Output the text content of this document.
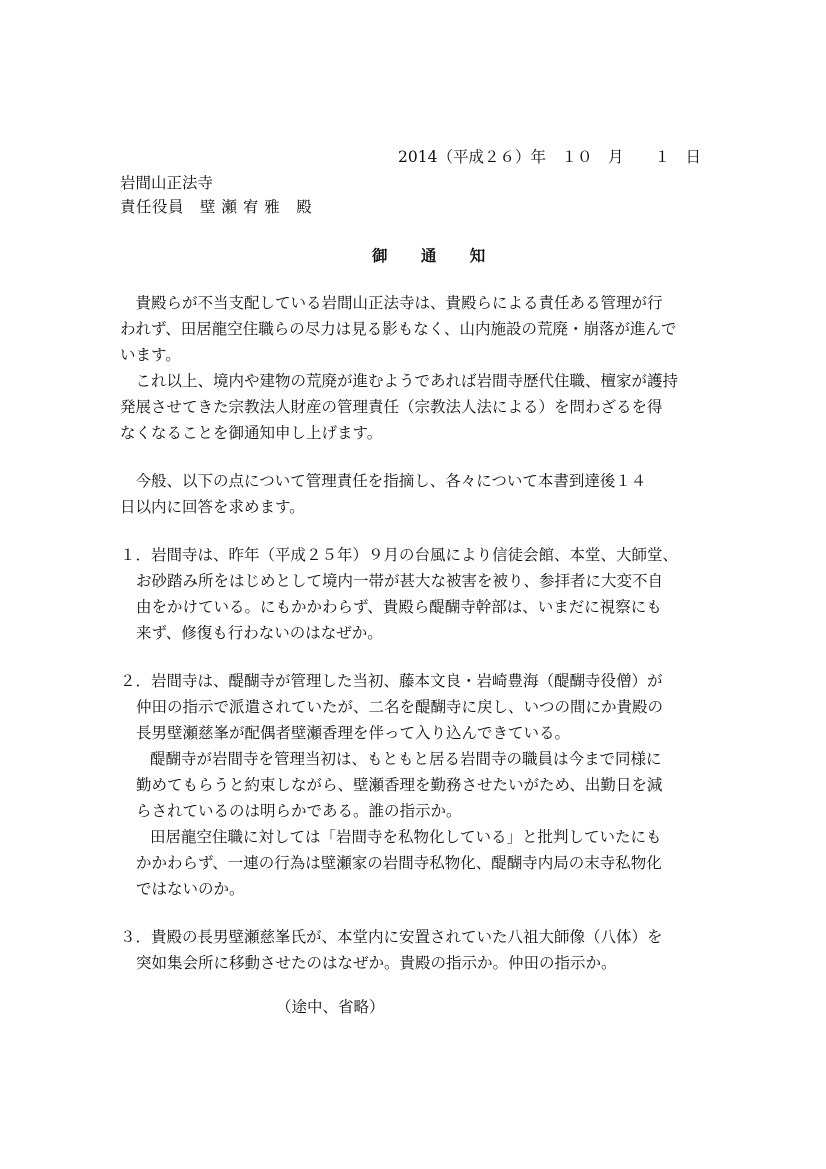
2014（平成２６）年　１０　月　　１　日
岩間山正法寺
責任役員　壁 瀬 宥 雅　殿
御 通 知
　貴殿らが不当支配している岩間山正法寺は、貴殿らによる責任ある管理が行
われず、田居龍空住職らの尽力は見る影もなく、山内施設の荒廃・崩落が進んで
います。
　これ以上、境内や建物の荒廃が進むようであれば岩間寺歴代住職、檀家が護持
発展させてきた宗教法人財産の管理責任（宗教法人法による）を問わざるを得
なくなることを御通知申し上げます。
　今般、以下の点について管理責任を指摘し、各々について本書到達後１４
日以内に回答を求めます。
１．岩間寺は、昨年（平成２５年）９月の台風により信徒会館、本堂、大師堂、
お砂踏み所をはじめとして境内一帯が甚大な被害を被り、参拝者に大変不自
由をかけている。にもかかわらず、貴殿ら醍醐寺幹部は、いまだに視察にも
来ず、修復も行わないのはなぜか。
２．岩間寺は、醍醐寺が管理した当初、藤本文良・岩崎豊海（醍醐寺役僧）が
仲田の指示で派遣されていたが、二名を醍醐寺に戻し、いつの間にか貴殿の
長男壁瀬慈峯が配偶者壁瀬香理を伴って入り込んできている。
醍醐寺が岩間寺を管理当初は、もともと居る岩間寺の職員は今まで同様に
勤めてもらうと約束しながら、壁瀬香理を勤務させたいがため、出勤日を減
らされているのは明らかである。誰の指示か。
田居龍空住職に対しては「岩間寺を私物化している」と批判していたにも
かかわらず、一連の行為は壁瀬家の岩間寺私物化、醍醐寺内局の末寺私物化
ではないのか。
３．貴殿の長男壁瀬慈峯氏が、本堂内に安置されていた八祖大師像（八体）を
突如集会所に移動させたのはなぜか。貴殿の指示か。仲田の指示か。
（途中、省略）
